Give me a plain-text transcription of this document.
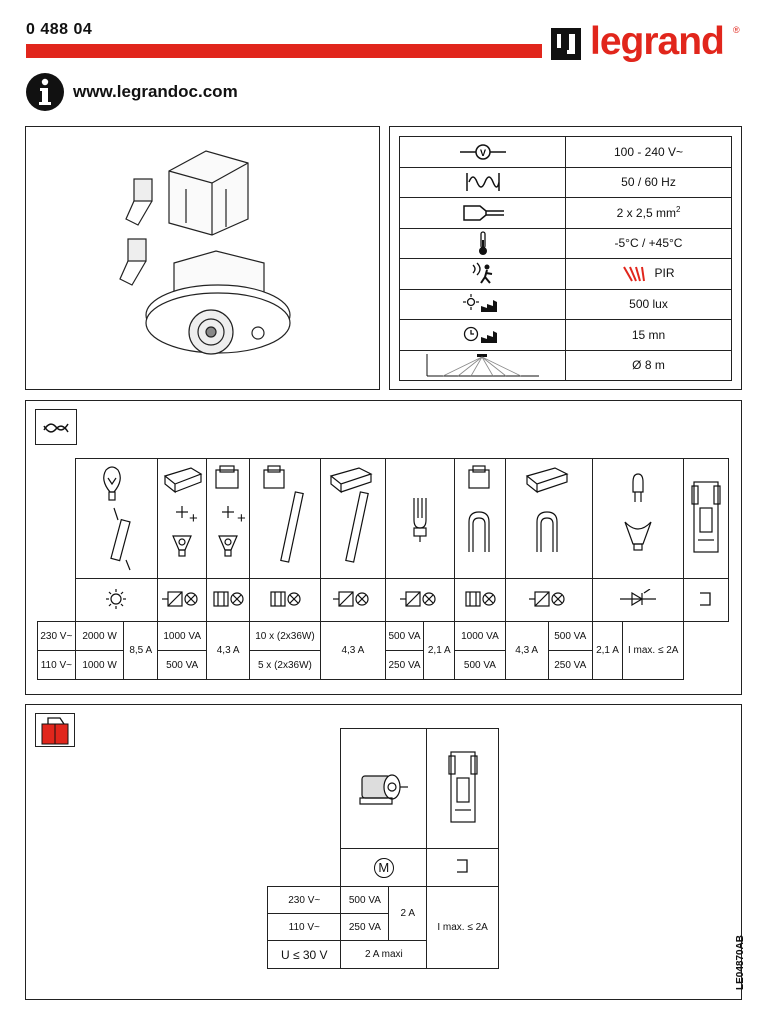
0 488 04	legrand ®
www.legrandoc.com
V	100 - 240 V~

	50 / 60 Hz

	2 x 2,5 $mm^2$

	-5°C / +45°C

	PIR

	500 lux

	15 mn

	Ø 8 m

230 V~	2000 W	8,5 A	1000 VA	4,3 A	10 x (2x36W)	4,3 A	500 VA	2,1 A	1000 VA	4,3 A	500 VA	2,1 A	I max. ≤ 2A	
110 V~	1000 W		500 VA		5 x (2x36W)		250 VA		500 VA		250 VA			
+	+

	M	
230 V~	500 VA	2 A	I max. ≤ 2A
110 V~	250 VA		
U ≤ 30 V	2 A maxi			LE04870AB
